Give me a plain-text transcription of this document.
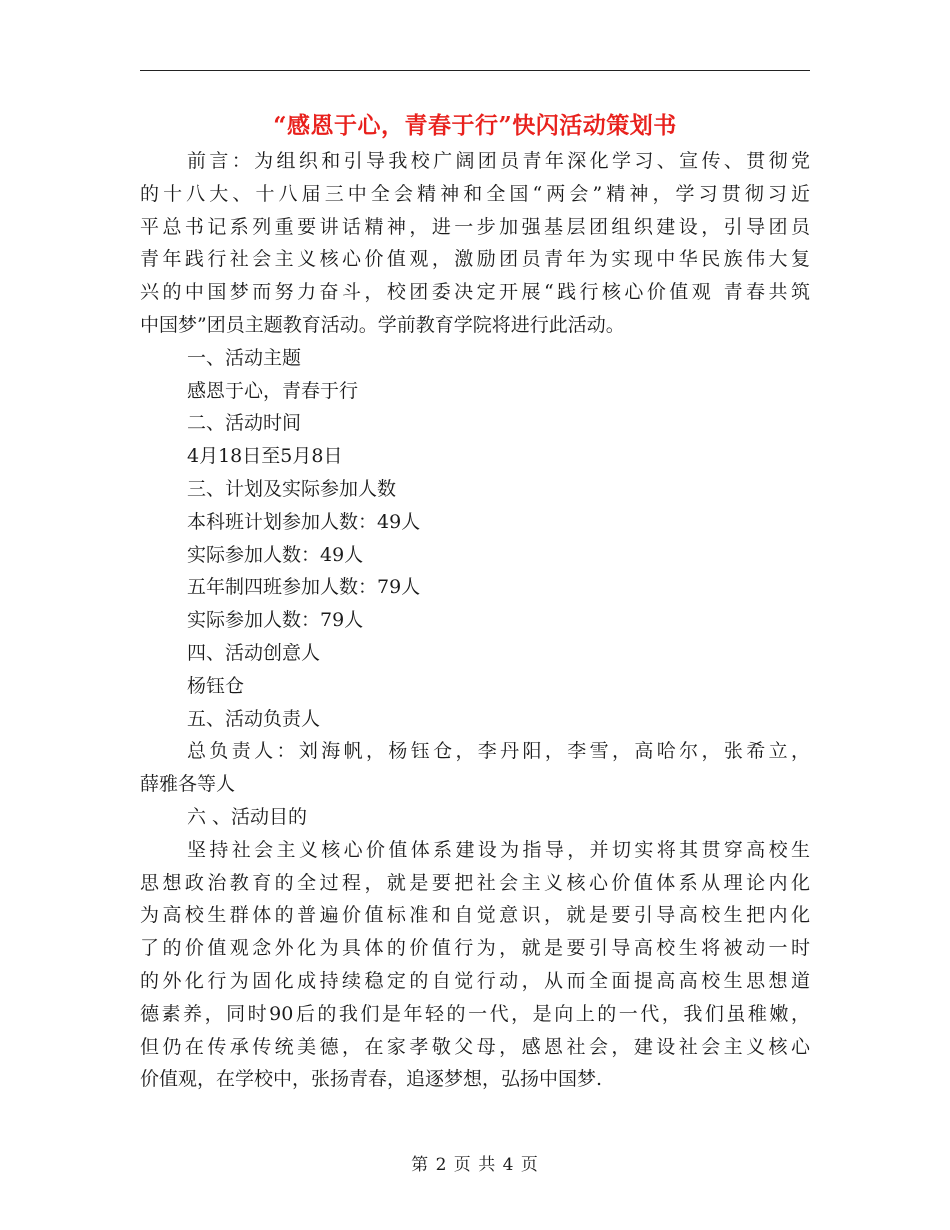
“感恩于心，青春于行”快闪活动策划书
前言：为组织和引导我校广阔团员青年深化学习、宣传、贯彻党
的十八大、十八届三中全会精神和全国“两会”精神，学习贯彻习近
平总书记系列重要讲话精神，进一步加强基层团组织建设，引导团员
青年践行社会主义核心价值观，激励团员青年为实现中华民族伟大复
兴的中国梦而努力奋斗，校团委决定开展“践行核心价值观 青春共筑
中国梦”团员主题教育活动。学前教育学院将进行此活动。
一、活动主题
感恩于心，青春于行
二、活动时间
4月18日至5月8日
三、计划及实际参加人数
本科班计划参加人数：49人
实际参加人数：49人
五年制四班参加人数：79人
实际参加人数：79人
四、活动创意人
杨钰仓
五、活动负责人
总负责人：刘海帆，杨钰仓，李丹阳，李雪，高哈尔，张希立，
薛雅各等人
六 、活动目的
坚持社会主义核心价值体系建设为指导，并切实将其贯穿高校生
思想政治教育的全过程，就是要把社会主义核心价值体系从理论内化
为高校生群体的普遍价值标准和自觉意识，就是要引导高校生把内化
了的价值观念外化为具体的价值行为，就是要引导高校生将被动一时
的外化行为固化成持续稳定的自觉行动，从而全面提高高校生思想道
德素养，同时90后的我们是年轻的一代，是向上的一代，我们虽稚嫩，
但仍在传承传统美德，在家孝敬父母，感恩社会，建设社会主义核心
价值观，在学校中，张扬青春，追逐梦想，弘扬中国梦.
第 2 页 共 4 页
